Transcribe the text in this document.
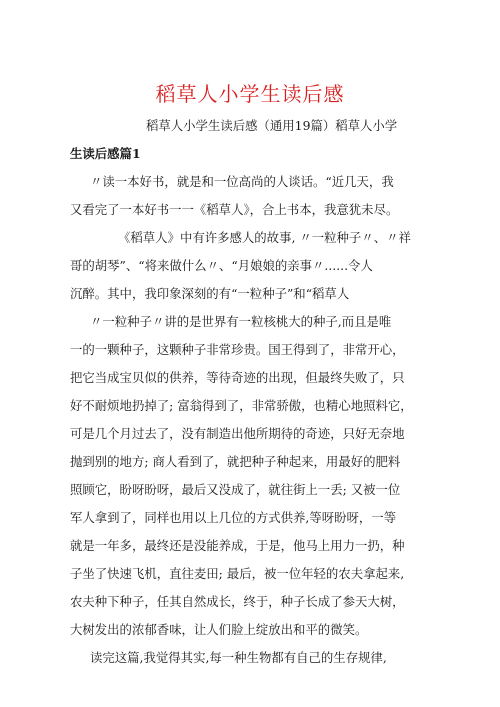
稻草人小学生读后感
稻草人小学生读后感（通用19篇）稻草人小学
生读后感篇1
〃读一本好书，就是和一位高尚的人谈话。“近几天，我
又看完了一本好书一一《稻草人》，合上书本，我意犹未尽。
《稻草人》中有许多感人的故事, 〃一粒种子〃、〃祥
哥的胡琴”、“将来做什么〃、“月娘娘的亲事〃......令人
沉醉。其中，我印象深刻的有“一粒种子”和“稻草人
〃一粒种子〃讲的是世界有一粒核桃大的种子,而且是唯
一的一颗种子，这颗种子非常珍贵。国王得到了，非常开心，
把它当成宝贝似的供养，等待奇迹的出现，但最终失败了，只
好不耐烦地扔掉了; 富翁得到了，非常骄傲，也精心地照料它，
可是几个月过去了，没有制造出他所期待的奇迹，只好无奈地
抛到别的地方; 商人看到了，就把种子种起来，用最好的肥料
照顾它，盼呀盼呀，最后又没成了，就往街上一丢; 又被一位
军人拿到了，同样也用以上几位的方式供养,等呀盼呀，一等
就是一年多，最终还是没能养成，于是，他马上用力一扔，种
子坐了快速飞机，直往麦田; 最后，被一位年轻的农夫拿起来,
农夫种下种子，任其自然成长，终于，种子长成了参天大树，
大树发出的浓郁香味，让人们脸上绽放出和平的微笑。
读完这篇,我觉得其实,每一种生物都有自己的生存规律,
